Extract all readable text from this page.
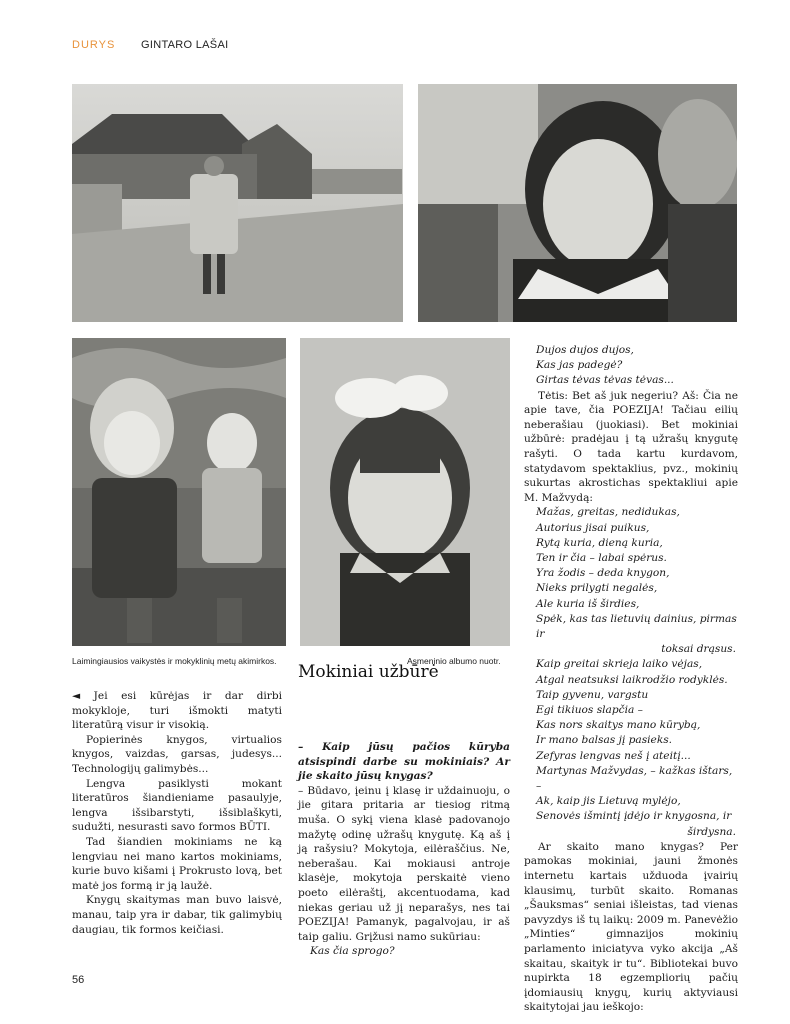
DURYS GINTARO LAŠAI
Laimingiausios vaikystės ir mokyklinių metų akimirkos.	Asmeninio albumo nuotr.

◄ Jei esi kūrėjas ir dar dirbi mokykloje, turi išmokti matyti literatūrą visur ir visokią.

Popierinės knygos, virtualios knygos, vaizdas, garsas, judesys... Technologijų galimybės...

Lengva pasiklysti mokant literatūros šiandieniame pasaulyje, lengva išsibarstyti, išsiblaškyti, sudužti, nesurasti savo formos BŪTI.

Tad šiandien mokiniams ne ką lengviau nei mano kartos mokiniams, kurie buvo kišami į Prokrusto lovą, bet matė jos formą ir ją laužė.

Knygų skaitymas man buvo laisvė, manau, taip yra ir dabar, tik galimybių daugiau, tik formos keičiasi.

Mokiniai užbūrė

– Kaip jūsų pačios kūryba atsispindi darbe su mokiniais? Ar jie skaito jūsų knygas?

– Būdavo, įeinu į klasę ir uždainuoju, o jie gitara pritaria ar tiesiog ritmą muša. O sykį viena klasė padovanojo mažytę odinę užrašų knygutę. Ką aš į ją rašysiu? Mokytoja, eilėraščius. Ne, neberašau. Kai mokiausi antroje klasėje, mokytoja perskaitė vieno poeto eilėraštį, akcentuodama, kad niekas geriau už jį neparašys, nes tai POEZIJA! Pamanyk, pagalvojau, ir aš taip galiu. Grįžusi namo sukūriau:

Kas čia sprogo?
Dujos dujos dujos,
Kas jas padegė?
Girtas tėvas tėvas tėvas...

Tėtis: Bet aš juk negeriu? Aš: Čia ne apie tave, čia POEZIJA! Tačiau eilių neberašiau (juokiasi). Bet mokiniai užbūrė: pradėjau į tą užrašų knygutę rašyti. O tada kartu kurdavom, statydavom spektaklius, pvz., mokinių sukurtas akrostichas spektakliui apie M. Mažvydą:

Mažas, greitas, nedidukas,
Autorius jisai puikus,
Rytą kuria, dieną kuria,
Ten ir čia – labai spėrus.
Yra žodis – deda knygon,
Nieks prilygti negalės,
Ale kuria iš širdies,
Spėk, kas tas lietuvių dainius, pirmas ir
toksai drąsus.
Kaip greitai skrieja laiko vėjas,
Atgal neatsuksi laikrodžio rodyklės.
Taip gyvenu, vargstu
Egi tikiuos slapčia –
Kas nors skaitys mano kūrybą,
Ir mano balsas jį pasieks.
Zefyras lengvas neš į ateitį...
Martynas Mažvydas, – kažkas ištars, –
Ak, kaip jis Lietuvą mylėjo,
Senovės išmintį įdėjo ir knygosna, ir
širdysna.

Ar skaito mano knygas? Per pamokas mokiniai, jauni žmonės internetu kartais užduoda įvairių klausimų, turbūt skaito. Romanas „Šauksmas“ seniai išleistas, tad vienas pavyzdys iš tų laikų: 2009 m. Panevėžio „Minties“ gimnazijos mokinių parlamento iniciatyva vyko akcija „Aš skaitau, skaityk ir tu“. Bibliotekai buvo nupirkta 18 egzempliorių pačių įdomiausių knygų, kurių aktyviausi skaitytojai jau ieškojo:

56
